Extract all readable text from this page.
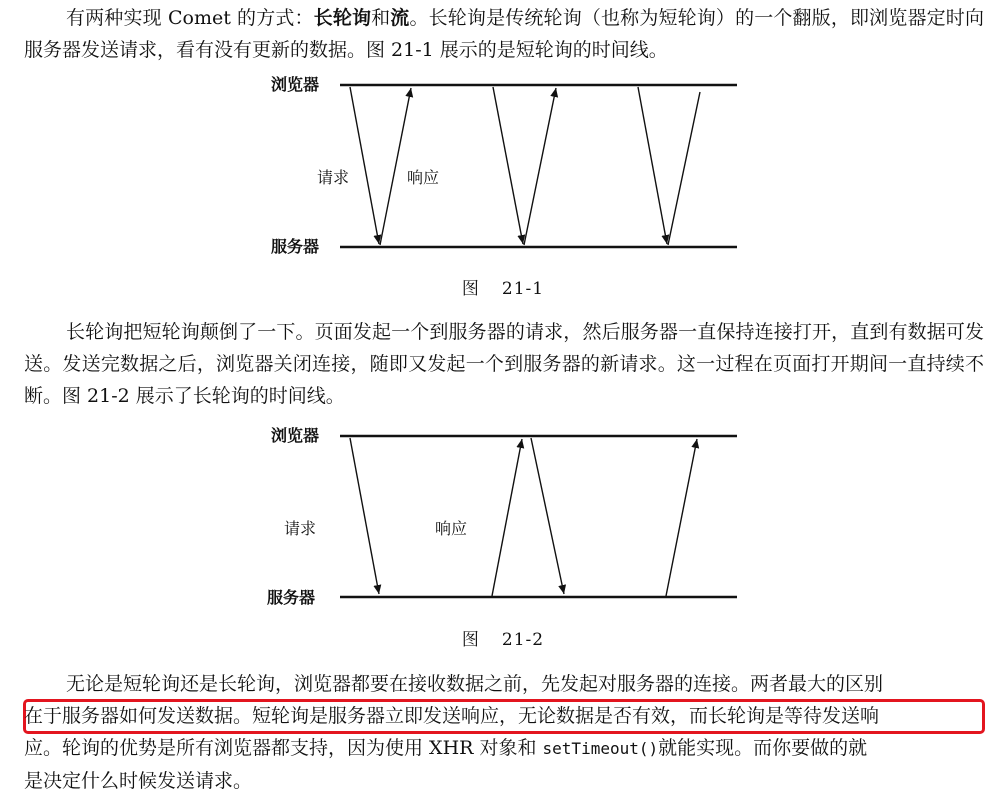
有两种实现 Comet 的方式：长轮询和流。长轮询是传统轮询（也称为短轮询）的一个翻版，即浏览器定时向服务器发送请求，看有没有更新的数据。图 21-1 展示的是短轮询的时间线。

浏览器
服务器
请求	响应
图 21-1

长轮询把短轮询颠倒了一下。页面发起一个到服务器的请求，然后服务器一直保持连接打开，直到有数据可发送。发送完数据之后，浏览器关闭连接，随即又发起一个到服务器的新请求。这一过程在页面打开期间一直持续不断。图 21-2 展示了长轮询的时间线。

浏览器
服务器
请求	响应
图 21-2
无论是短轮询还是长轮询，浏览器都要在接收数据之前，先发起对服务器的连接。两者最大的区别
在于服务器如何发送数据。短轮询是服务器立即发送响应，无论数据是否有效，而长轮询是等待发送响
应。轮询的优势是所有浏览器都支持，因为使用 XHR 对象和 setTimeout()就能实现。而你要做的就
是决定什么时候发送请求。
